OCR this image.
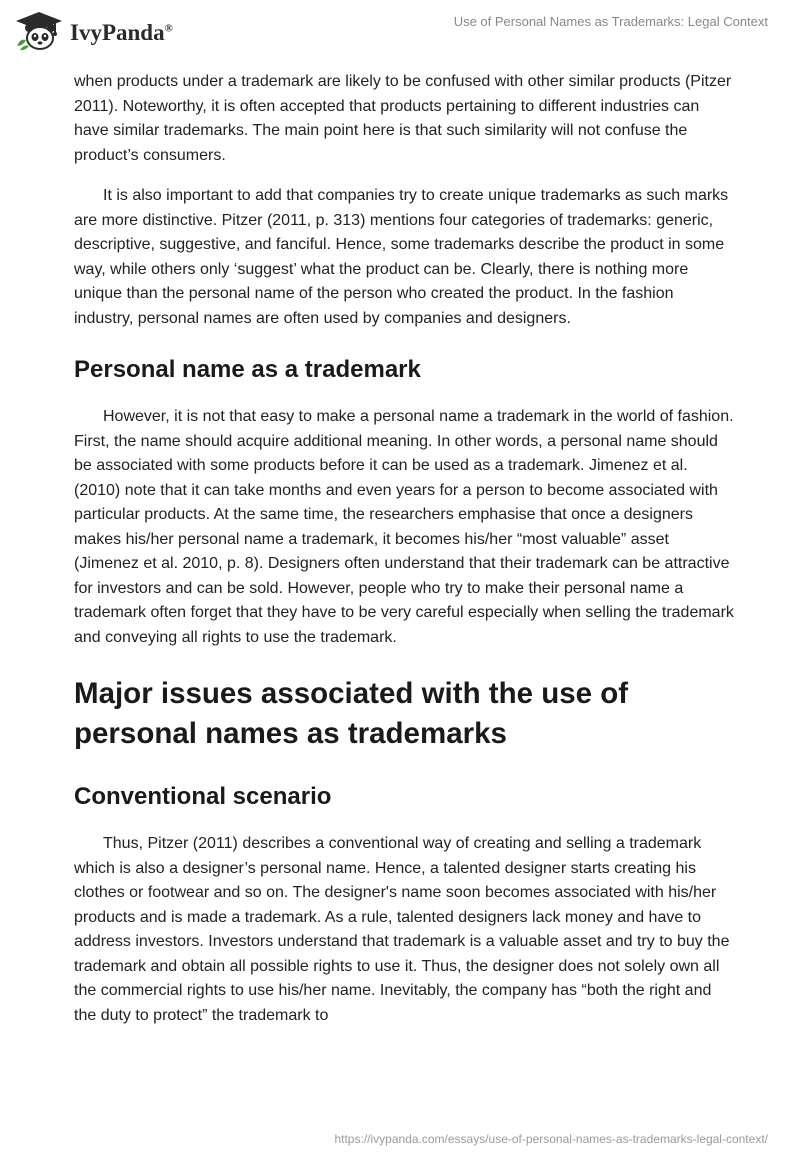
IvyPanda®	Use of Personal Names as Trademarks: Legal Context

when products under a trademark are likely to be confused with other similar products (Pitzer 2011). Noteworthy, it is often accepted that products pertaining to different industries can have similar trademarks. The main point here is that such similarity will not confuse the product’s consumers.

It is also important to add that companies try to create unique trademarks as such marks are more distinctive. Pitzer (2011, p. 313) mentions four categories of trademarks: generic, descriptive, suggestive, and fanciful. Hence, some trademarks describe the product in some way, while others only ‘suggest’ what the product can be. Clearly, there is nothing more unique than the personal name of the person who created the product. In the fashion industry, personal names are often used by companies and designers.

Personal name as a trademark

However, it is not that easy to make a personal name a trademark in the world of fashion. First, the name should acquire additional meaning. In other words, a personal name should be associated with some products before it can be used as a trademark. Jimenez et al. (2010) note that it can take months and even years for a person to become associated with particular products. At the same time, the researchers emphasise that once a designers makes his/her personal name a trademark, it becomes his/her “most valuable” asset (Jimenez et al. 2010, p. 8). Designers often understand that their trademark can be attractive for investors and can be sold. However, people who try to make their personal name a trademark often forget that they have to be very careful especially when selling the trademark and conveying all rights to use the trademark.

Major issues associated with the use of personal names as trademarks
Conventional scenario

Thus, Pitzer (2011) describes a conventional way of creating and selling a trademark which is also a designer’s personal name. Hence, a talented designer starts creating his clothes or footwear and so on. The designer's name soon becomes associated with his/her products and is made a trademark. As a rule, talented designers lack money and have to address investors. Investors understand that trademark is a valuable asset and try to buy the trademark and obtain all possible rights to use it. Thus, the designer does not solely own all the commercial rights to use his/her name. Inevitably, the company has “both the right and the duty to protect” the trademark to

https://ivypanda.com/essays/use-of-personal-names-as-trademarks-legal-context/
